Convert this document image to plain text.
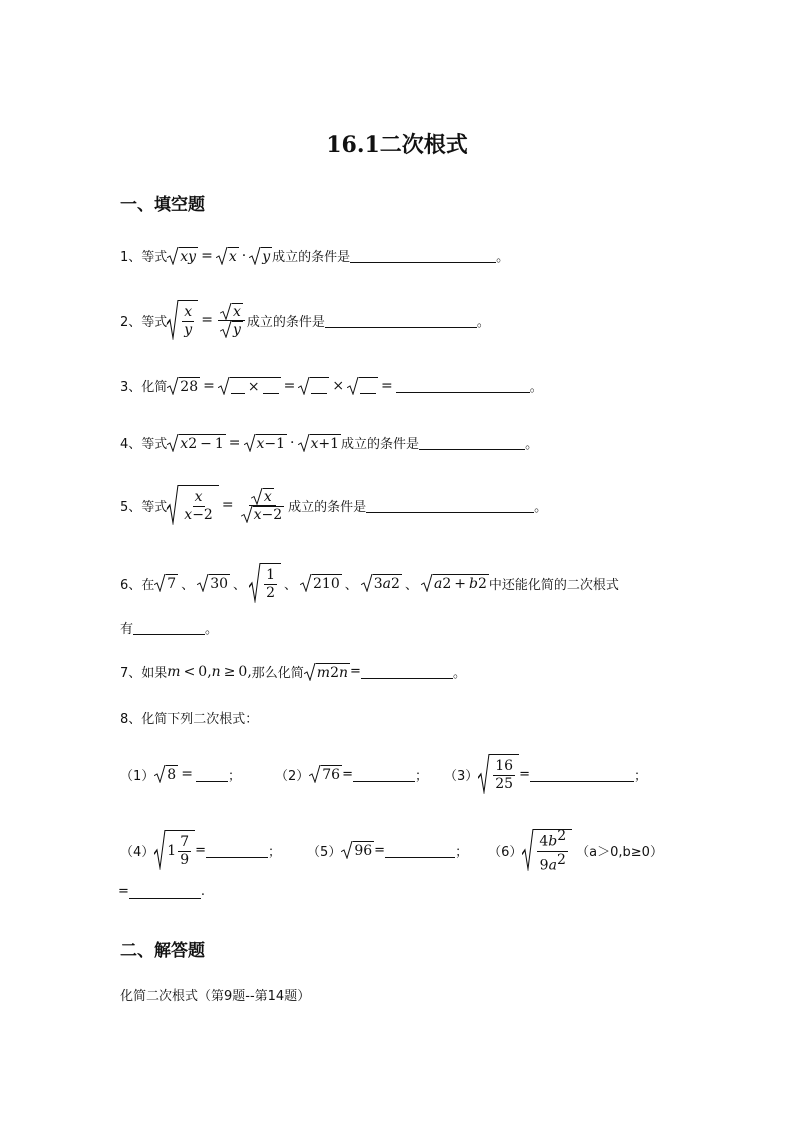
16.1二次根式
一、填空题
1、等式 xy = x · y 成立的条件是	。
2、等式 $\frac{x}{y} = \frac{x}{y}$ 成立的条件是	。
3、化简 28 = × =	×	=	。
4、等式 x 2 − 1 = x −1 · x +1 成立的条件是	。
5、等式 $\frac{x}{x-2} = \frac{x}{x -2}$ 成立的条件是	。
6、在 7 、 30 、 $\frac{1}{2}$ 、 210 、 3 a 2 、 a 2 + b 2 中还能化简的二次根式
有	。
7、如果 m < 0, n ≥ 0, 那么化简 m 2 n =	。
8、化简下列二次根式：
（1） 8 =	；	（2） 76 =	； $(3) \frac{16}{25}$ =	；
（4） $1 \frac{7}{9}$ =	； （5） 96 =	； $(6) \frac{4b^2}{9a^2} (a>0,b\ge 0)$
=	.
二、解答题
化简二次根式（第9题--第14题）
